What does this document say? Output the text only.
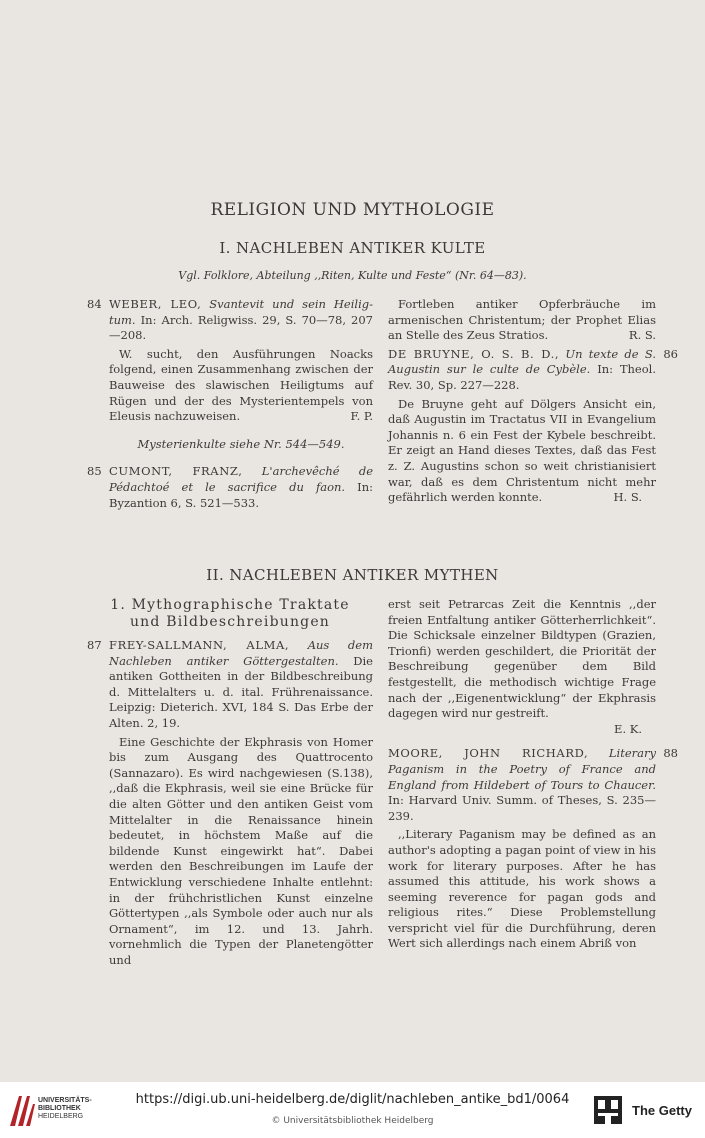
RELIGION UND MYTHOLOGIE

I. NACHLEBEN ANTIKER KULTE

Vgl. Folklore, Abteilung ,,Riten, Kulte und Feste“ (Nr. 64—83).

84 WEBER, LEO, Svantevit und sein Heilig-tum. In: Arch. Religwiss. 29, S. 70—78, 207—208.

W. sucht, den Ausführungen Noacks folgend, einen Zusammenhang zwischen der Bauweise des slawischen Heiligtums auf Rügen und der des Mysterientempels von Eleusis nachzuweisen.	F. P.

Mysterienkulte siehe Nr. 544—549.

85 CUMONT, FRANZ, L'archevêché de Pédachtoé et le sacrifice du faon. In: Byzantion 6, S. 521—533.

Fortleben antiker Opferbräuche im armenischen Christentum; der Prophet Elias an Stelle des Zeus Stratios.	R. S.

DE BRUYNE, O. S. B. D., Un texte de S. Augustin sur le culte de Cybèle. In: Theol. Rev. 30, Sp. 227—228.
86

De Bruyne geht auf Dölgers Ansicht ein, daß Augustin im Tractatus VII in Evangelium Johannis n. 6 ein Fest der Kybele beschreibt. Er zeigt an Hand dieses Textes, daß das Fest z. Z. Augustins schon so weit christianisiert war, daß es dem Christentum nicht mehr gefährlich werden konnte.	H. S.

II. NACHLEBEN ANTIKER MYTHEN

1. Mythographische Traktate und Bildbeschreibungen

87 FREY-SALLMANN, ALMA, Aus dem Nachleben antiker Göttergestalten. Die antiken Gottheiten in der Bildbeschreibung d. Mittelalters u. d. ital. Frührenaissance. Leipzig: Dieterich. XVI, 184 S. Das Erbe der Alten. 2, 19.

Eine Geschichte der Ekphrasis von Homer bis zum Ausgang des Quattrocento (Sannazaro). Es wird nachgewiesen (S.138), ,,daß die Ekphrasis, weil sie eine Brücke für die alten Götter und den antiken Geist vom Mittelalter in die Renaissance hinein bedeutet, in höchstem Maße auf die bildende Kunst eingewirkt hat“. Dabei werden den Beschreibungen im Laufe der Entwicklung verschiedene Inhalte entlehnt: in der frühchristlichen Kunst einzelne Göttertypen ,,als Symbole oder auch nur als Ornament“, im 12. und 13. Jahrh. vornehmlich die Typen der Planetengötter und

erst seit Petrarcas Zeit die Kenntnis ,,der freien Entfaltung antiker Götterherrlichkeit“. Die Schicksale einzelner Bildtypen (Grazien, Trionfi) werden geschildert, die Priorität der Beschreibung gegenüber dem Bild festgestellt, die methodisch wichtige Frage nach der ,,Eigenentwicklung“ der Ekphrasis dagegen wird nur gestreift.

E. K.

MOORE, JOHN RICHARD, Literary Paganism in the Poetry of France and England from Hildebert of Tours to Chaucer. In: Harvard Univ. Summ. of Theses, S. 235—239.
88

,,Literary Paganism may be defined as an author's adopting a pagan point of view in his work for literary purposes. After he has assumed this attitude, his work shows a seeming reverence for pagan gods and religious rites.“ Diese Problemstellung verspricht viel für die Durchführung, deren Wert sich allerdings nach einem Abriß von

UNIVERSITÄTS-
BIBLIOTHEK
HEIDELBERG
https://digi.ub.uni-heidelberg.de/diglit/nachleben_antike_bd1/0064
© Universitätsbibliothek Heidelberg
The Getty
